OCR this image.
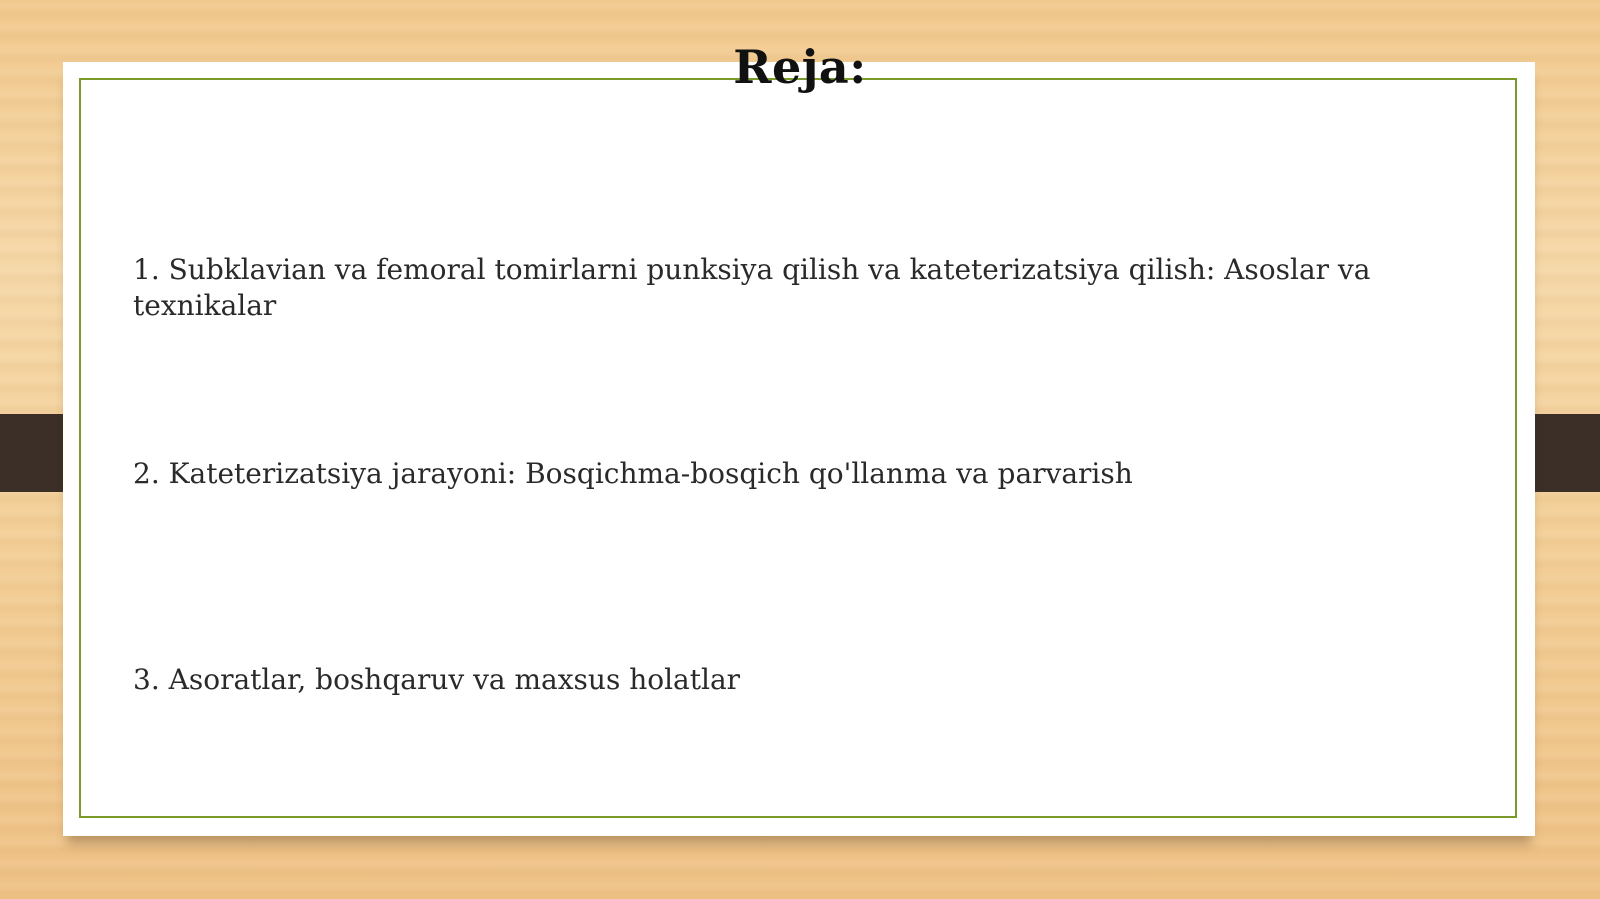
Reja:
1. Subklavian va femoral tomirlarni punksiya qilish va kateterizatsiya qilish: Asoslar va texnikalar
2. Kateterizatsiya jarayoni: Bosqichma-bosqich qo'llanma va parvarish
3. Asoratlar, boshqaruv va maxsus holatlar
